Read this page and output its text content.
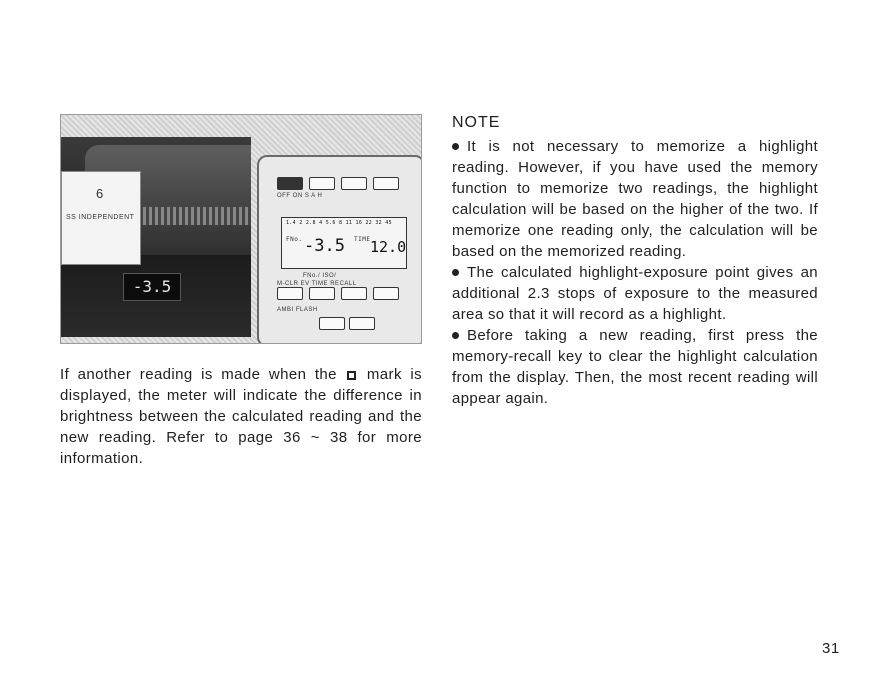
6
SS INDEPENDENT
-3.5
OFF ON S A H
1.4 2 2.8 4 5.6 8 11 16 22 32 45
FNo. -3.5 TIME 12.0
FNo./ ISO/
M-CLR EV TIME RECALL
AMBI FLASH
If another reading is made when the mark is displayed, the meter will indicate the difference in brightness between the calculated reading and the new reading. Refer to page 36 ~ 38 for more information.
NOTE

It is not necessary to memorize a highlight reading. However, if you have used the memory function to memorize two readings, the highlight calculation will be based on the higher of the two. If memorize one reading only, the calculation will be based on the memorized reading.

The calculated highlight-exposure point gives an additional 2.3 stops of exposure to the measured area so that it will record as a highlight.

Before taking a new reading, first press the memory-recall key to clear the highlight calculation from the display. Then, the most recent reading will appear again.

31
